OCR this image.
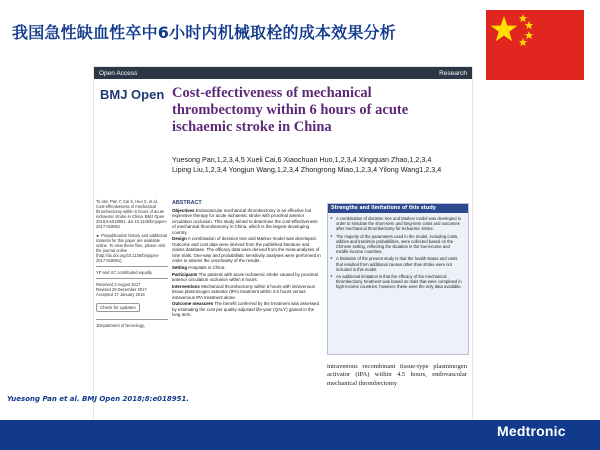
我国急性缺血性卒中6小时内机械取栓的成本效果分析
Open Access	Research
BMJ Open Cost-effectiveness of mechanical thrombectomy within 6 hours of acute ischaemic stroke in China
Yuesong Pan,1,2,3,4,5 Xueli Cai,6 Xiaochuan Huo,1,2,3,4 Xingquan Zhao,1,2,3,4
Liping Liu,1,2,3,4 Yongjun Wang,1,2,3,4 Zhongrong Miao,1,2,3,4 Yilong Wang1,2,3,4

To cite: Pan Y, Cai X, Huo X, et al. Cost-effectiveness of mechanical thrombectomy within 6 hours of acute ischaemic stroke in China. BMJ Open 2018;8:e018951. doi:10.1136/bmjopen-2017-018951

► Prepublication history and additional material for this paper are available online. To view these files, please visit the journal online (http://dx.doi.org/10.1136/bmjopen-2017-018951).

YP and XC contributed equally.

Received 2 August 2017

Revised 29 December 2017

Accepted 17 January 2018

Check for updates

1Department of Neurology,

ABSTRACT

Objectives Endovascular mechanical thrombectomy is an effective but expensive therapy for acute ischaemic stroke with proximal anterior circulation occlusion. This study aimed to determine the cost-effectiveness of mechanical thrombectomy in China, which is the largest developing country.

Design A combination of decision tree and Markov model was developed. Outcome and cost data were derived from the published literature and claims database. The efficacy data were derived from the meta-analyses of nine trials. One-way and probabilistic sensitivity analyses were performed in order to assess the uncertainty of the results.

Setting Hospitals in China.

Participants The patients with acute ischaemic stroke caused by proximal anterior circulation occlusion within 6 hours.

Interventions Mechanical thrombectomy within 6 hours with intravenous tissue plasminogen activator (tPA) treatment within 4.5 hours versus intravenous tPA treatment alone.

Outcome measures The benefit conferred by the treatment was assessed by estimating the cost per quality-adjusted life-year (QALY) gained in the long term.

Strengths and limitations of this study
► A combination of decision tree and Markov model was developed in order to simulate the short-term and long-term costs and outcomes after mechanical thrombectomy for ischaemic stroke.
► The majority of the parameters used in the model, including costs, utilities and transition probabilities, were collected based on the Chinese setting, reflecting the situation in the low-income and middle-income countries.
► A limitation of the present study is that the health status and costs that resulted from additional causes other than stroke were not included in this model.
► An additional limitation is that the efficacy of the mechanical thrombectomy treatment was based on trials that were completed in high-income countries; however, these were the only data available.
intravenous recombinant tissue-type plasminogen activator (tPA) within 4.5 hours, endovascular mechanical thrombectomy
Yuesong Pan et al. BMJ Open 2018;8:e018951.
Medtronic
